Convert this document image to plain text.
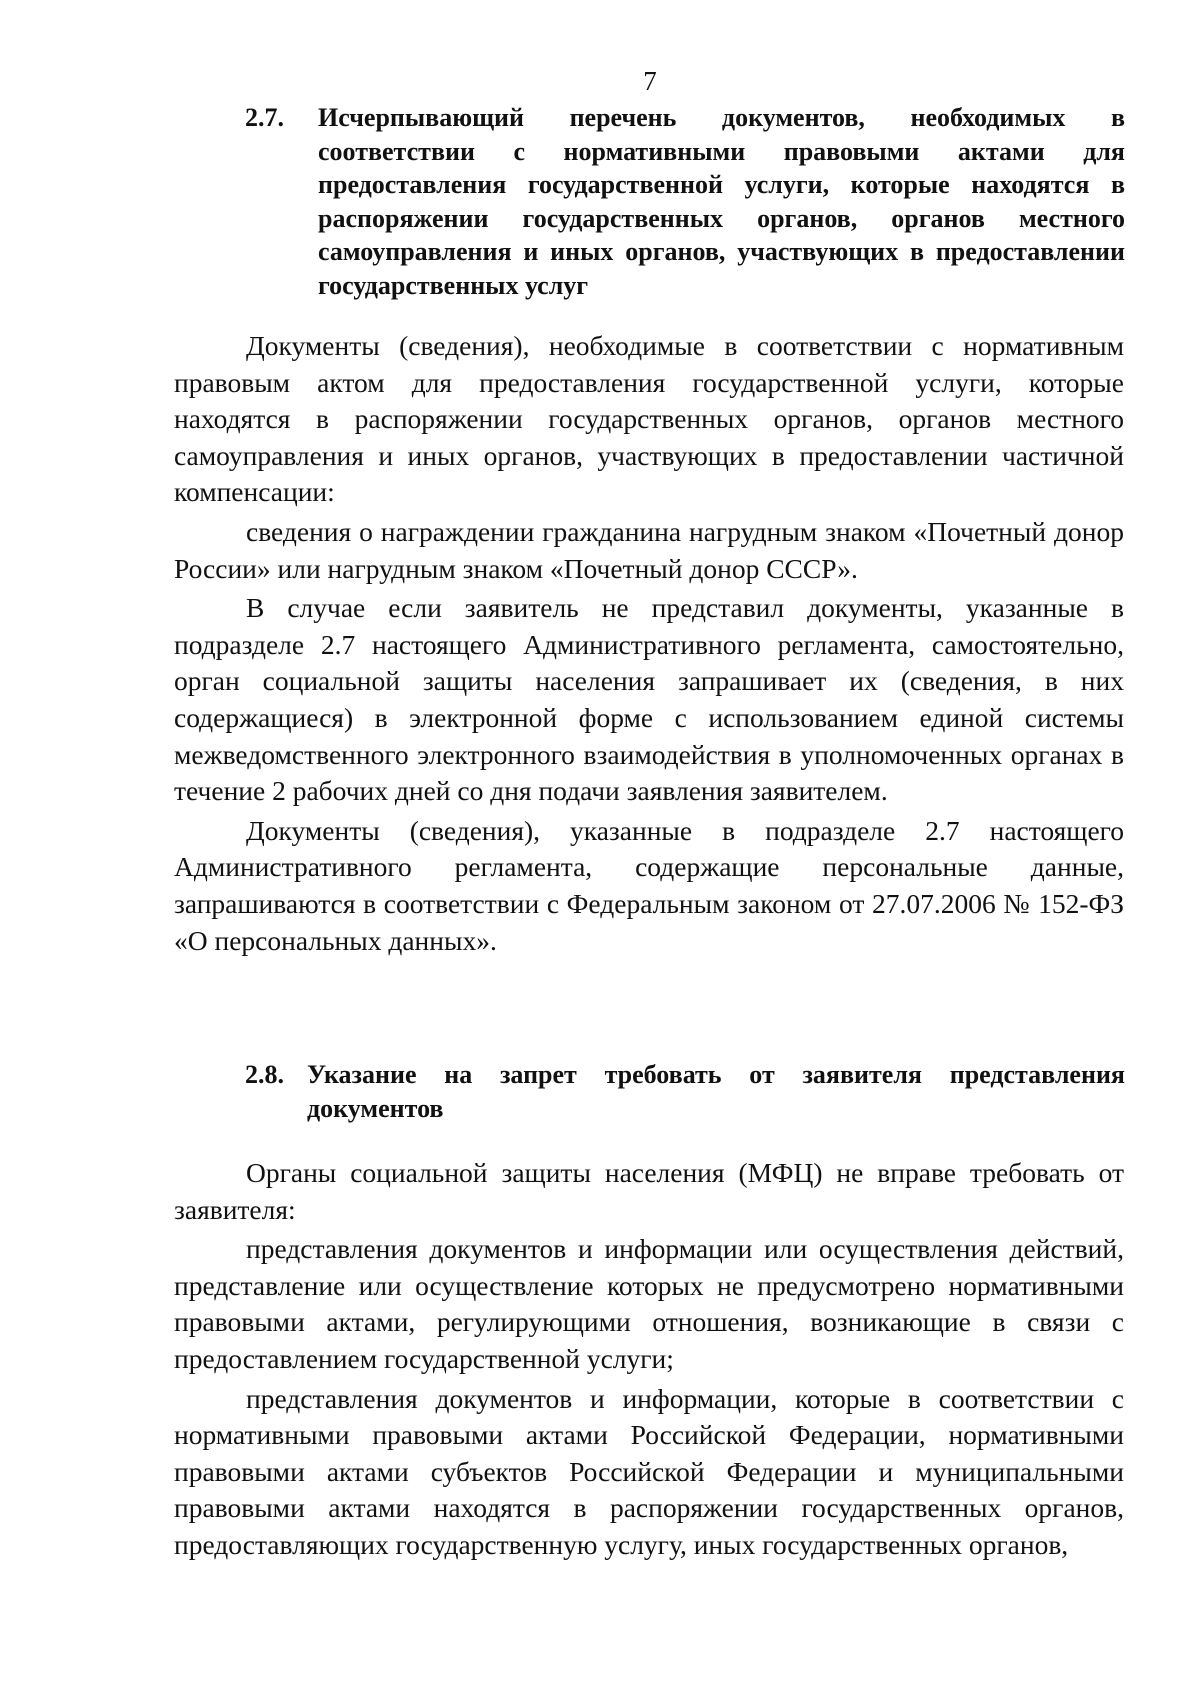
7
2.7. Исчерпывающий перечень документов, необходимых в соответствии с нормативными правовыми актами для предоставления государственной услуги, которые находятся в распоряжении государственных органов, органов местного самоуправления и иных органов, участвующих в предоставлении государственных услуг

Документы (сведения), необходимые в соответствии с нормативным правовым актом для предоставления государственной услуги, которые находятся в распоряжении государственных органов, органов местного самоуправления и иных органов, участвующих в предоставлении частичной компенсации:

сведения о награждении гражданина нагрудным знаком «Почетный донор России» или нагрудным знаком «Почетный донор СССР».

В случае если заявитель не представил документы, указанные в подразделе 2.7 настоящего Административного регламента, самостоятельно, орган социальной защиты населения запрашивает их (сведения, в них содержащиеся) в электронной форме с использованием единой системы межведомственного электронного взаимодействия в уполномоченных органах в течение 2 рабочих дней со дня подачи заявления заявителем.

Документы (сведения), указанные в подразделе 2.7 настоящего Административного регламента, содержащие персональные данные, запрашиваются в соответствии с Федеральным законом от 27.07.2006 № 152-ФЗ «О персональных данных».

2.8. Указание на запрет требовать от заявителя представления документов

Органы социальной защиты населения (МФЦ) не вправе требовать от заявителя:

представления документов и информации или осуществления действий, представление или осуществление которых не предусмотрено нормативными правовыми актами, регулирующими отношения, возникающие в связи с предоставлением государственной услуги;

представления документов и информации, которые в соответствии с нормативными правовыми актами Российской Федерации, нормативными правовыми актами субъектов Российской Федерации и муниципальными правовыми актами находятся в распоряжении государственных органов, предоставляющих государственную услугу, иных государственных органов,
